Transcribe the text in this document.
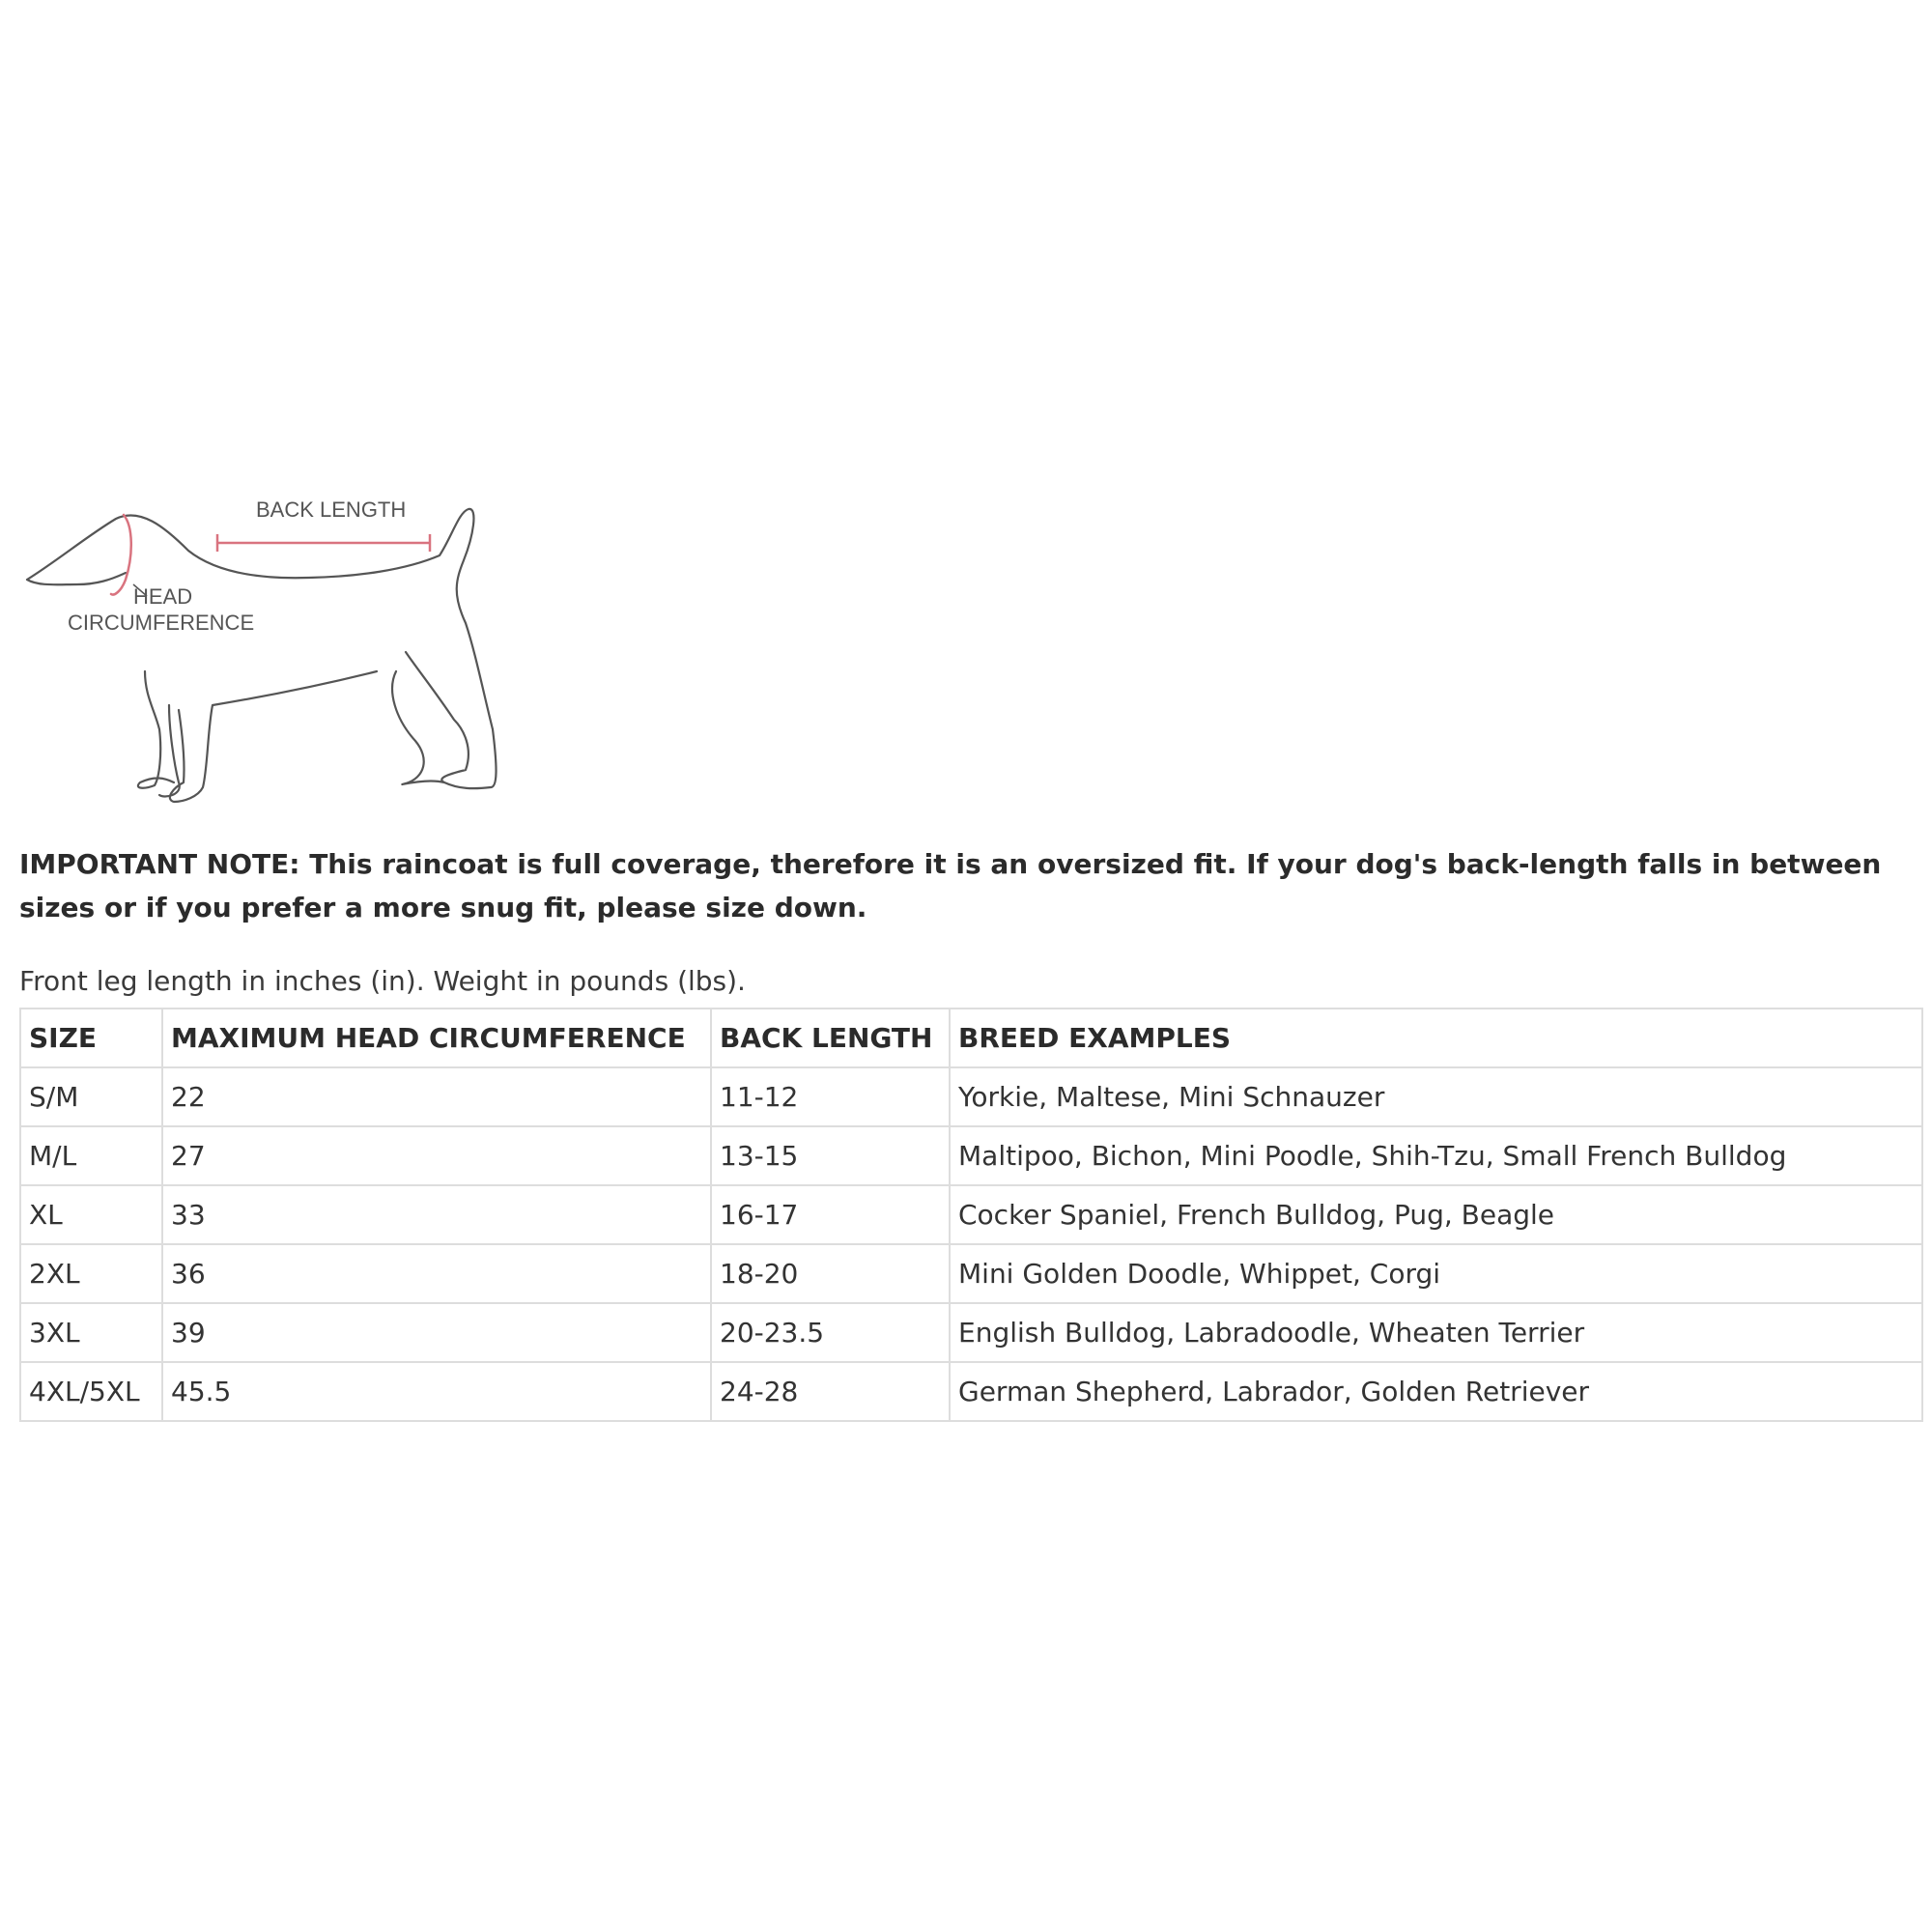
BACK LENGTH
HEAD
CIRCUMFERENCE

IMPORTANT NOTE: This raincoat is full coverage, therefore it is an oversized fit. If your dog's back-length falls in between sizes or if you prefer a more snug fit, please size down.

Front leg length in inches (in). Weight in pounds (lbs).

SIZE	MAXIMUM HEAD CIRCUMFERENCE	BACK LENGTH	BREED EXAMPLES
S/M	22	11-12	Yorkie, Maltese, Mini Schnauzer
M/L	27	13-15	Maltipoo, Bichon, Mini Poodle, Shih-Tzu, Small French Bulldog
XL	33	16-17	Cocker Spaniel, French Bulldog, Pug, Beagle
2XL	36	18-20	Mini Golden Doodle, Whippet, Corgi
3XL	39	20-23.5	English Bulldog, Labradoodle, Wheaten Terrier
4XL/5XL	45.5	24-28	German Shepherd, Labrador, Golden Retriever
